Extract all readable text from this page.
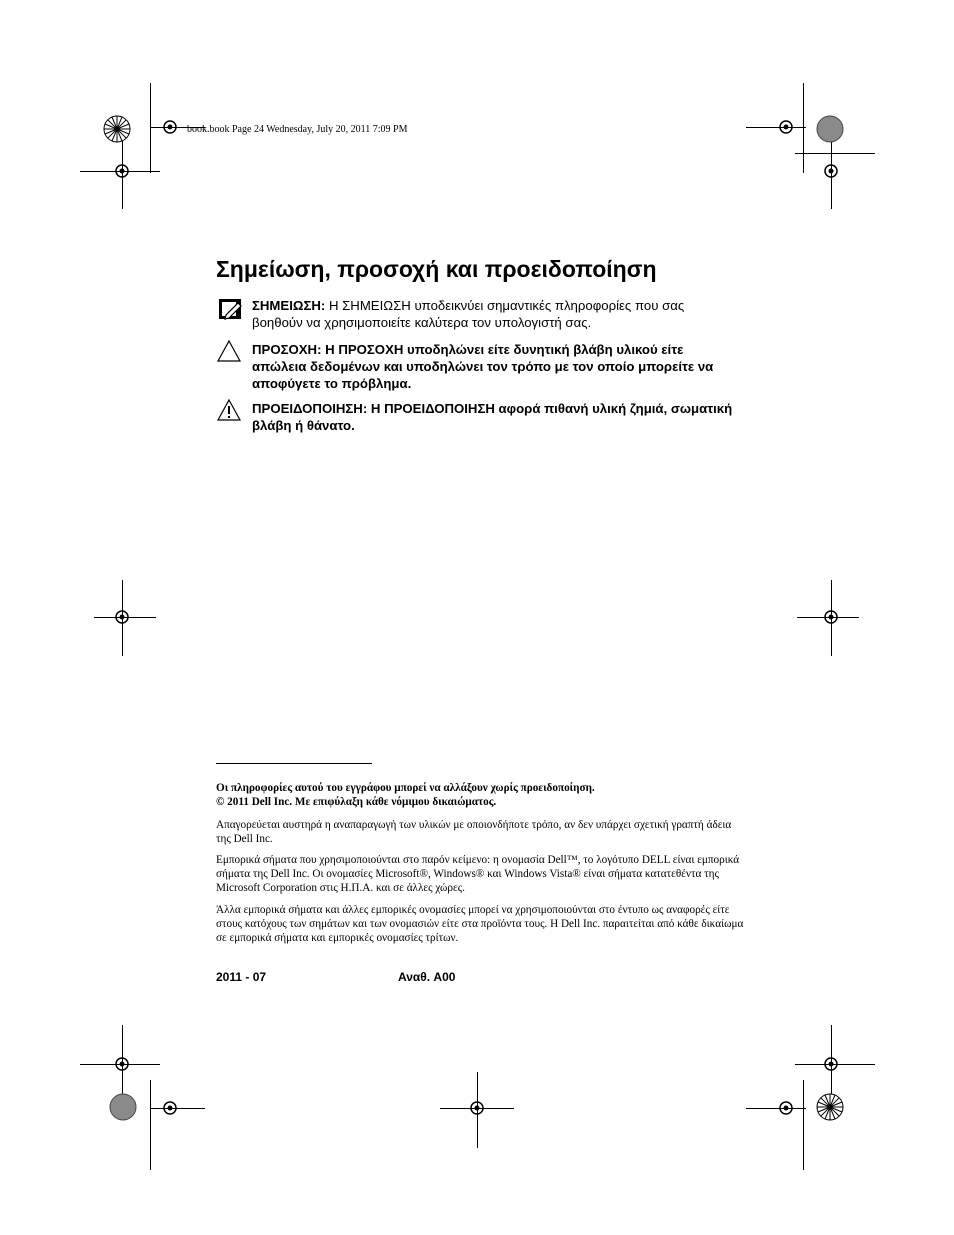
book.book Page 24 Wednesday, July 20, 2011 7:09 PM
Σημείωση, προσοχή και προειδοποίηση
ΣΗΜΕΙΩΣΗ: Η ΣΗΜΕΙΩΣΗ υποδεικνύει σημαντικές πληροφορίες που σας βοηθούν να χρησιμοποιείτε καλύτερα τον υπολογιστή σας.
ΠΡΟΣΟΧΗ: Η ΠΡΟΣΟΧΗ υποδηλώνει είτε δυνητική βλάβη υλικού είτε απώλεια δεδομένων και υποδηλώνει τον τρόπο με τον οποίο μπορείτε να αποφύγετε το πρόβλημα.
ΠΡΟΕΙΔΟΠΟΙΗΣΗ: Η ΠΡΟΕΙΔΟΠΟΙΗΣΗ αφορά πιθανή υλική ζημιά, σωματική βλάβη ή θάνατο.

Οι πληροφορίες αυτού του εγγράφου μπορεί να αλλάξουν χωρίς προειδοποίηση.

© 2011 Dell Inc. Με επιφύλαξη κάθε νόμιμου δικαιώματος.

Απαγορεύεται αυστηρά η αναπαραγωγή των υλικών με οποιονδήποτε τρόπο, αν δεν υπάρχει σχετική γραπτή άδεια της Dell Inc.

Εμπορικά σήματα που χρησιμοποιούνται στο παρόν κείμενο: η ονομασία Dell™, το λογότυπο DELL είναι εμπορικά σήματα της Dell Inc. Οι ονομασίες Microsoft®, Windows® και Windows Vista® είναι σήματα κατατεθέντα της Microsoft Corporation στις Η.Π.Α. και σε άλλες χώρες.

Άλλα εμπορικά σήματα και άλλες εμπορικές ονομασίες μπορεί να χρησιμοποιούνται στο έντυπο ως αναφορές είτε στους κατόχους των σημάτων και των ονομασιών είτε στα προϊόντα τους. Η Dell Inc. παραιτείται από κάθε δικαίωμα σε εμπορικά σήματα και εμπορικές ονομασίες τρίτων.

2011 - 07	Αναθ. A00
